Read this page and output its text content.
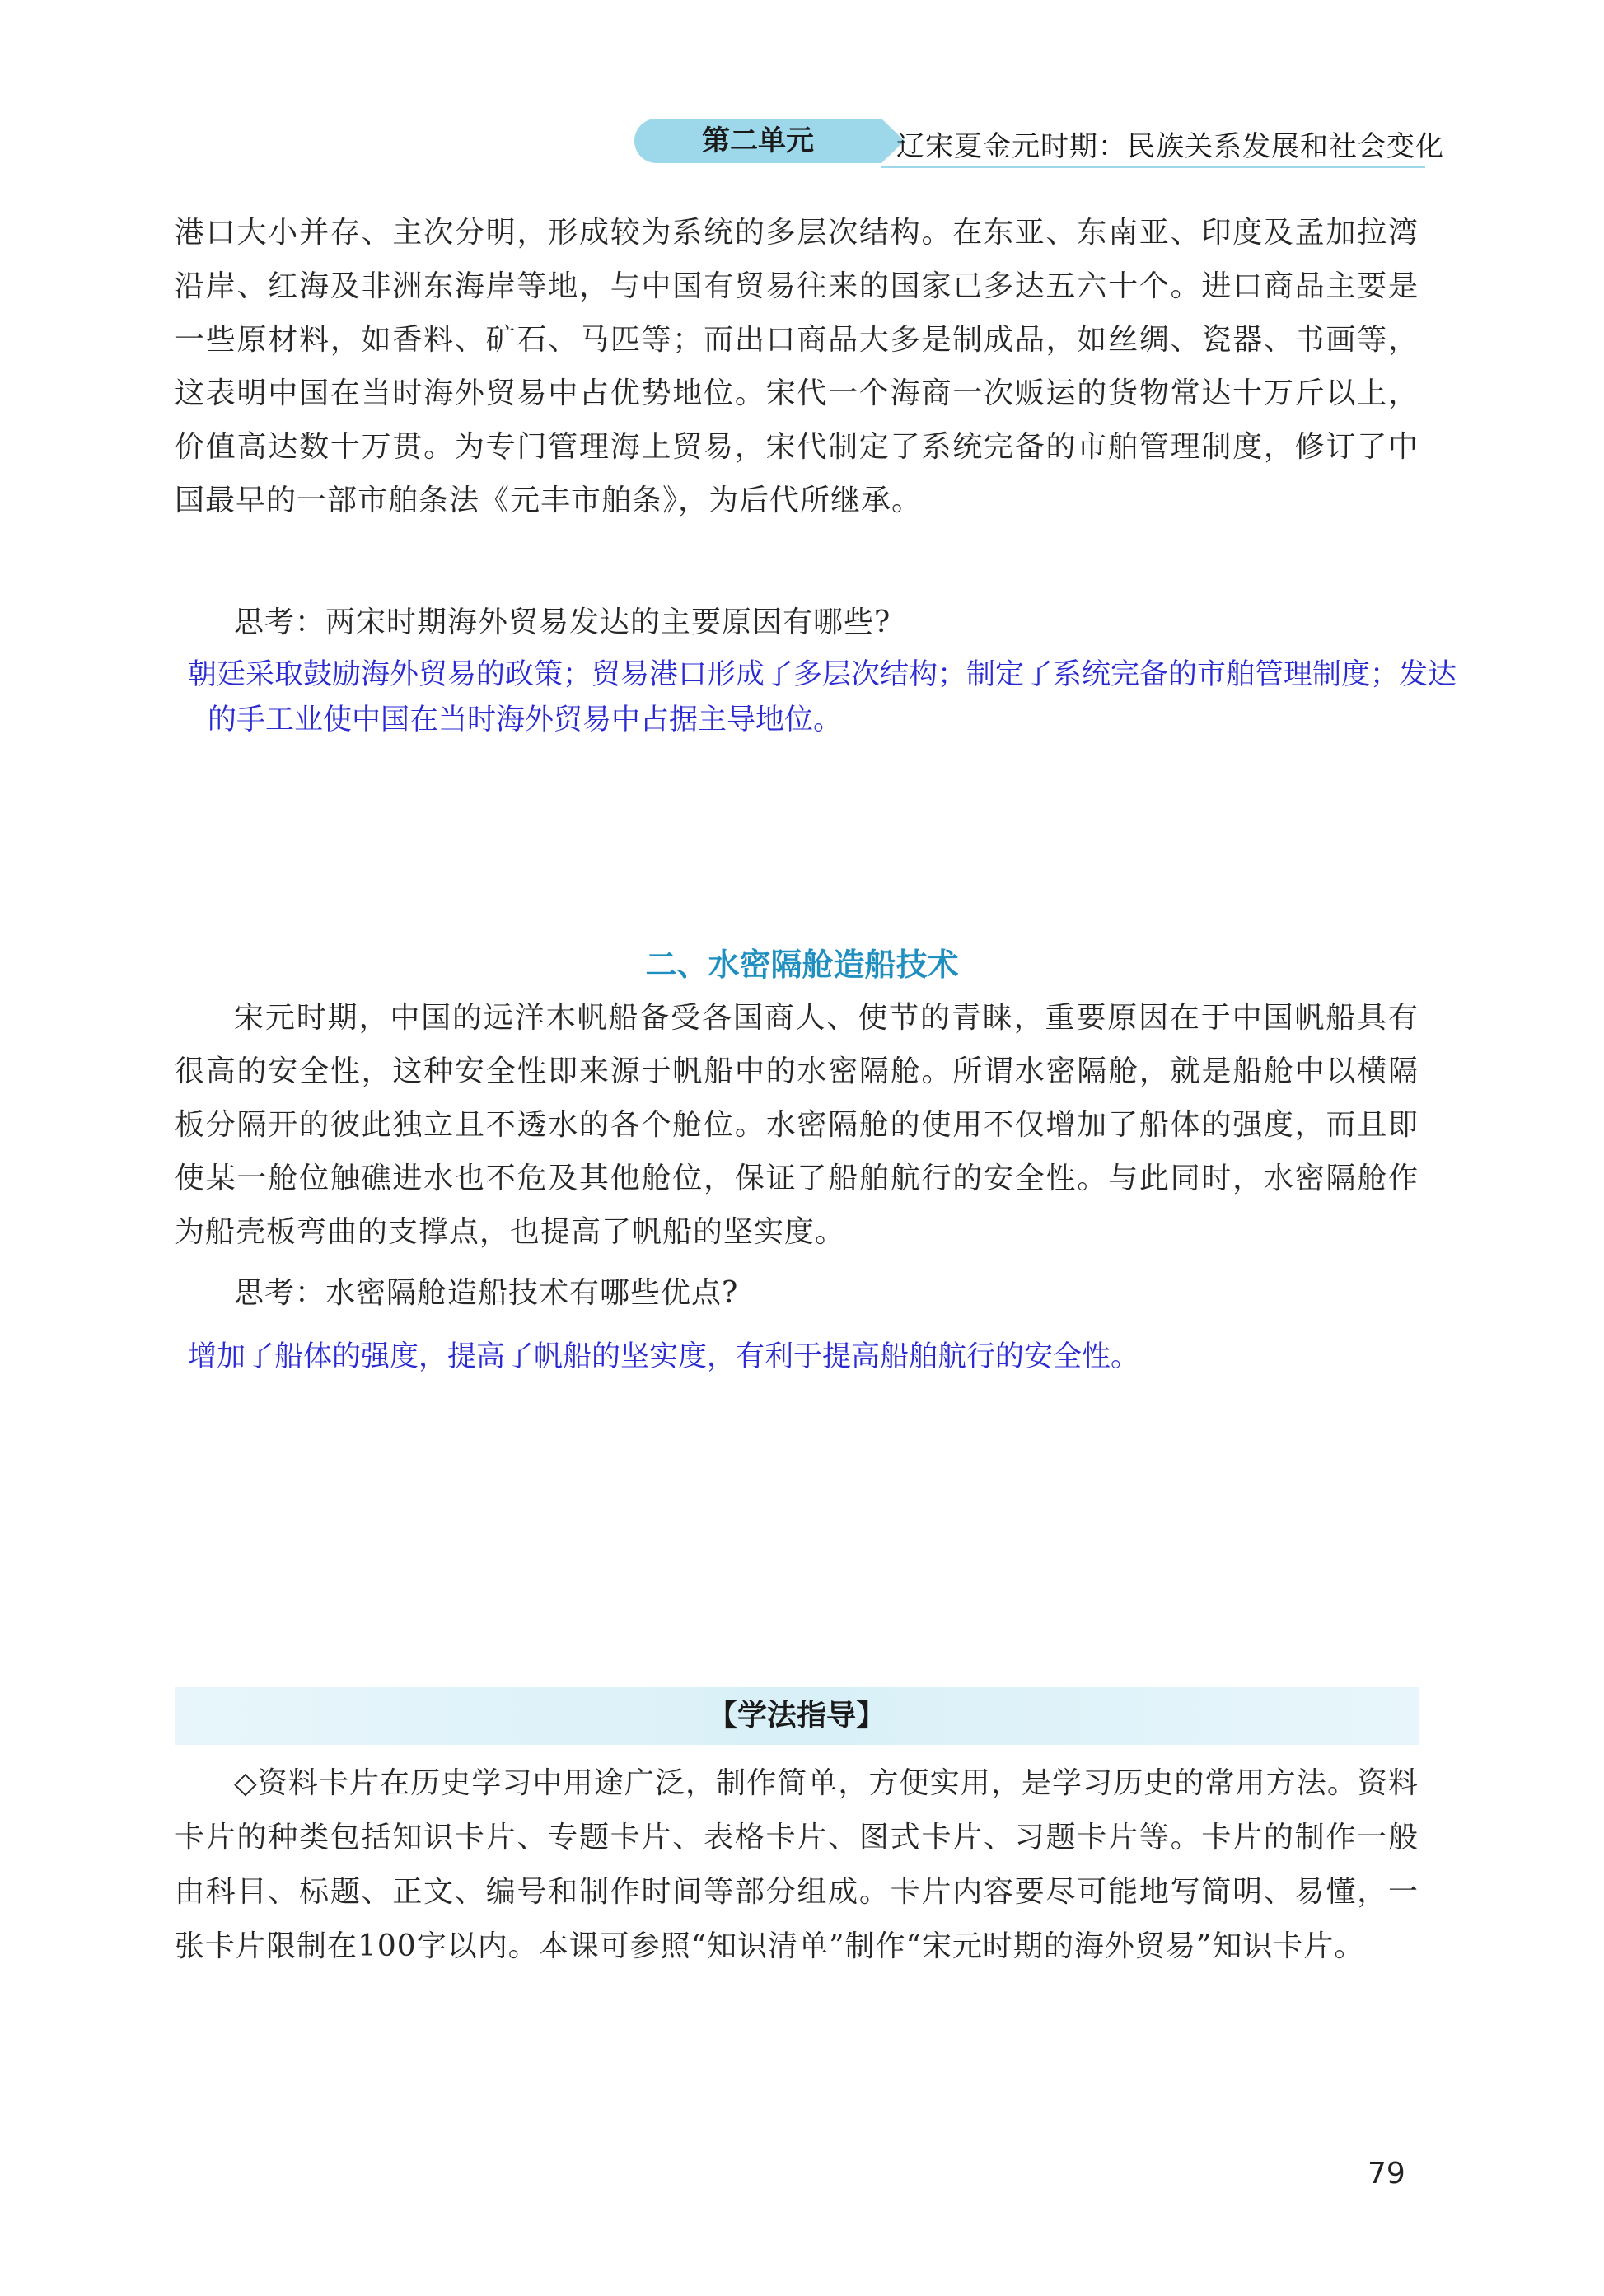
第二单元	辽宋夏金元时期：民族关系发展和社会变化

港口大小并存、主次分明，形成较为系统的多层次结构。在东亚、东南亚、印度及孟加拉湾沿岸、红海及非洲东海岸等地，与中国有贸易往来的国家已多达五六十个。进口商品主要是一些原材料，如香料、矿石、马匹等；而出口商品大多是制成品，如丝绸、瓷器、书画等，这表明中国在当时海外贸易中占优势地位。宋代一个海商一次贩运的货物常达十万斤以上，价值高达数十万贯。为专门管理海上贸易，宋代制定了系统完备的市舶管理制度，修订了中国最早的一部市舶条法《元丰市舶条》，为后代所继承。

思考：两宋时期海外贸易发达的主要原因有哪些?

朝廷采取鼓励海外贸易的政策；贸易港口形成了多层次结构；制定了系统完备的市舶管理制度；发达的手工业使中国在当时海外贸易中占据主导地位。

二、水密隔舱造船技术

宋元时期，中国的远洋木帆船备受各国商人、使节的青睐，重要原因在于中国帆船具有很高的安全性，这种安全性即来源于帆船中的水密隔舱。所谓水密隔舱，就是船舱中以横隔板分隔开的彼此独立且不透水的各个舱位。水密隔舱的使用不仅增加了船体的强度，而且即使某一舱位触礁进水也不危及其他舱位，保证了船舶航行的安全性。与此同时，水密隔舱作为船壳板弯曲的支撑点，也提高了帆船的坚实度。

思考：水密隔舱造船技术有哪些优点?

增加了船体的强度，提高了帆船的坚实度，有利于提高船舶航行的安全性。

【学法指导】

◇资料卡片在历史学习中用途广泛，制作简单，方便实用，是学习历史的常用方法。资料卡片的种类包括知识卡片、专题卡片、表格卡片、图式卡片、习题卡片等。卡片的制作一般由科目、标题、正文、编号和制作时间等部分组成。卡片内容要尽可能地写简明、易懂，一张卡片限制在100字以内。本课可参照“知识清单”制作“宋元时期的海外贸易”知识卡片。

79
